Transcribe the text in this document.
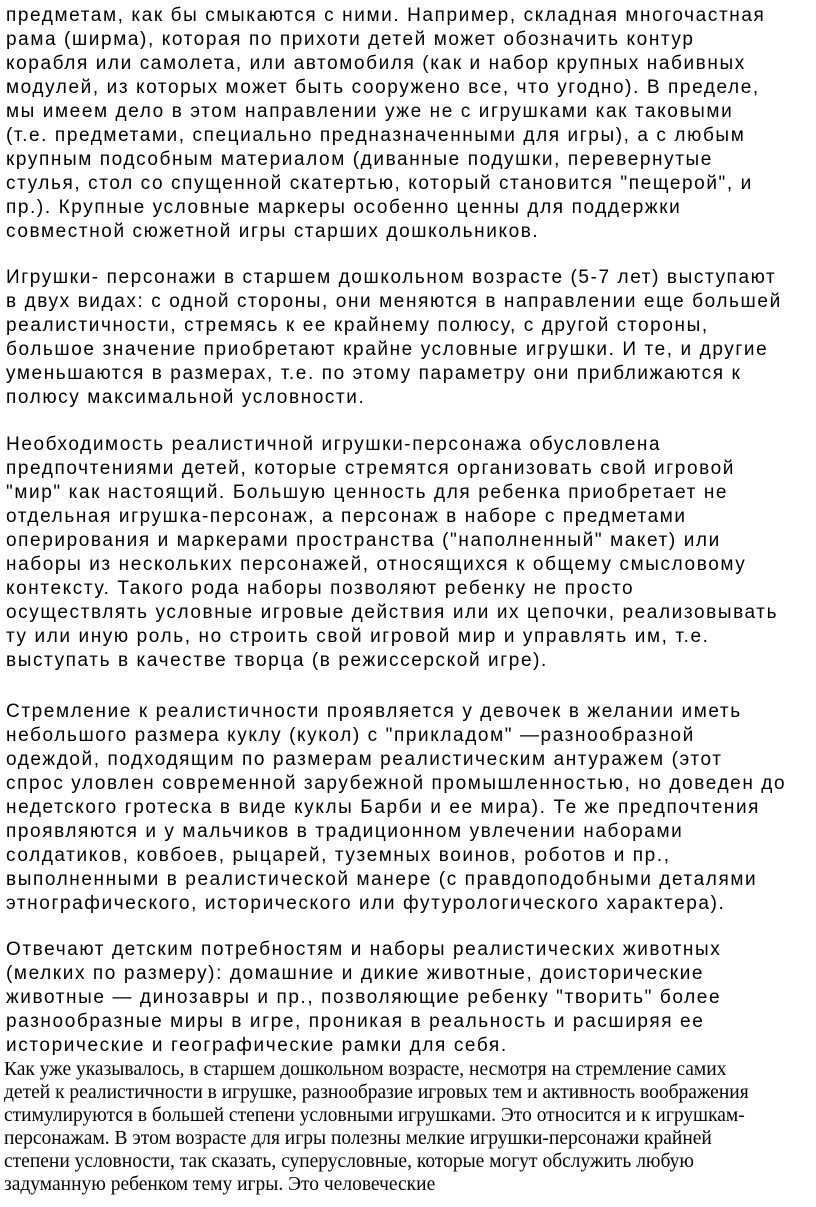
предметам, как бы смыкаются с ними. Например, складная многочастная
рама (ширма), которая по прихоти детей может обозначить контур
корабля или самолета, или автомобиля (как и набор крупных набивных
модулей, из которых может быть сооружено все, что угодно). В пределе,
мы имеем дело в этом направлении уже не с игрушками как таковыми
(т.е. предметами, специально предназначенными для игры), а с любым
крупным подсобным материалом (диванные подушки, перевернутые
стулья, стол со спущенной скатертью, который становится "пещерой", и
пр.). Крупные условные маркеры особенно ценны для поддержки
совместной сюжетной игры старших дошкольников.
Игрушки- персонажи в старшем дошкольном возрасте (5-7 лет) выступают
в двух видах: с одной стороны, они меняются в направлении еще большей
реалистичности, стремясь к ее крайнему полюсу, с другой стороны,
большое значение приобретают крайне условные игрушки. И те, и другие
уменьшаются в размерах, т.е. по этому параметру они приближаются к
полюсу максимальной условности.
Необходимость реалистичной игрушки-персонажа обусловлена
предпочтениями детей, которые стремятся организовать свой игровой
"мир" как настоящий. Большую ценность для ребенка приобретает не
отдельная игрушка-персонаж, а персонаж в наборе с предметами
оперирования и маркерами пространства ("наполненный" макет) или
наборы из нескольких персонажей, относящихся к общему смысловому
контексту. Такого рода наборы позволяют ребенку не просто
осуществлять условные игровые действия или их цепочки, реализовывать
ту или иную роль, но строить свой игровой мир и управлять им, т.е.
выступать в качестве творца (в режиссерской игре).
Стремление к реалистичности проявляется у девочек в желании иметь
небольшого размера куклу (кукол) с "прикладом" —разнообразной
одеждой, подходящим по размерам реалистическим антуражем (этот
спрос уловлен современной зарубежной промышленностью, но доведен до
недетского гротеска в виде куклы Барби и ее мира). Те же предпочтения
проявляются и у мальчиков в традиционном увлечении наборами
солдатиков, ковбоев, рыцарей, туземных воинов, роботов и пр.,
выполненными в реалистической манере (с правдоподобными деталями
этнографического, исторического или футурологического характера).
Отвечают детским потребностям и наборы реалистических животных
(мелких по размеру): домашние и дикие животные, доисторические
животные — динозавры и пр., позволяющие ребенку "творить" более
разнообразные миры в игре, проникая в реальность и расширяя ее
исторические и географические рамки для себя.
Как уже указывалось, в старшем дошкольном возрасте, несмотря на стремление самих
детей к реалистичности в игрушке, разнообразие игровых тем и активность воображения
стимулируются в большей степени условными игрушками. Это относится и к игрушкам-
персонажам. В этом возрасте для игры полезны мелкие игрушки-персонажи крайней
степени условности, так сказать, суперусловные, которые могут обслужить любую
задуманную ребенком тему игры. Это человеческие
